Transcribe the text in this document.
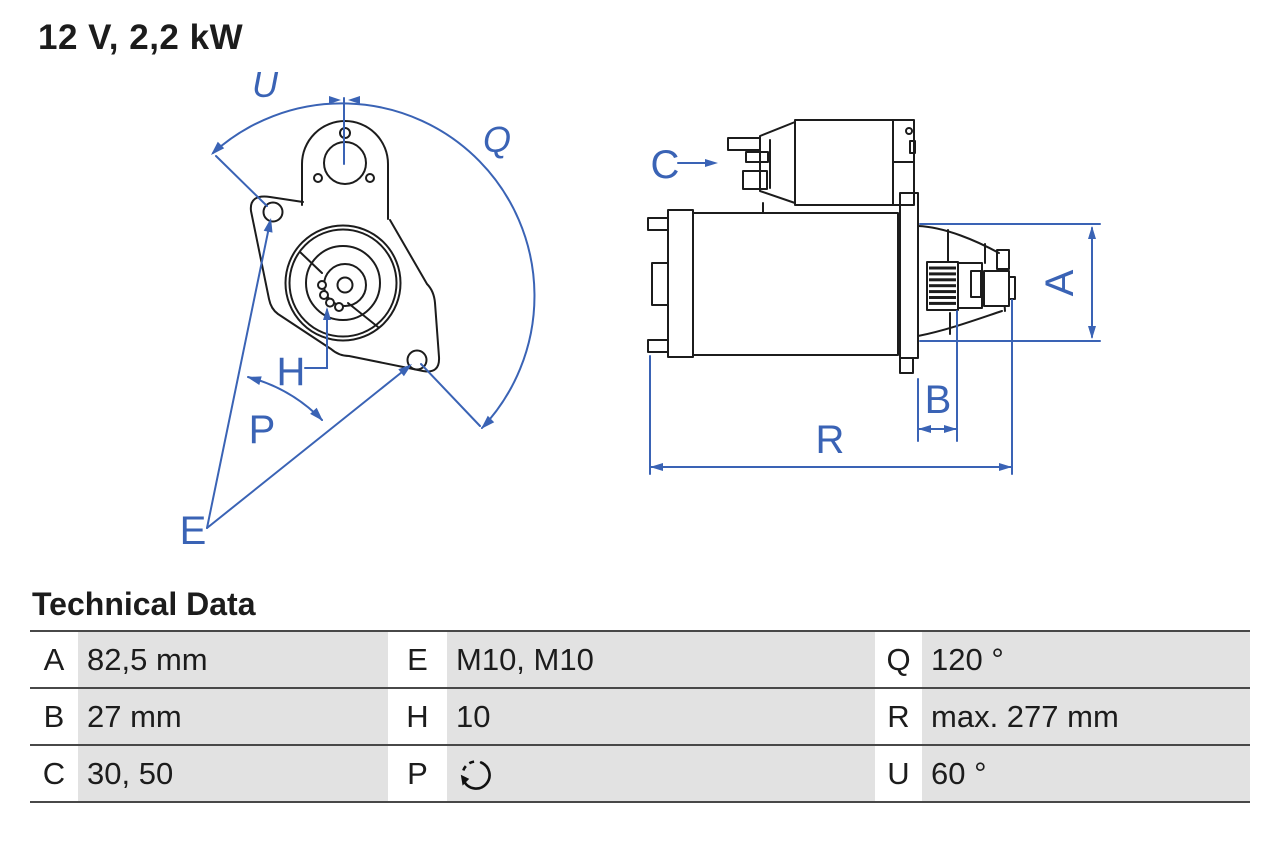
12 V, 2,2 kW
U
Q
H
P
E
C
A
B
R
Technical Data
A 82,5 mm	E M10, M10	Q 120 °
B 27 mm	H 10	R max. 277 mm
C 30, 50	P	U 60 °
